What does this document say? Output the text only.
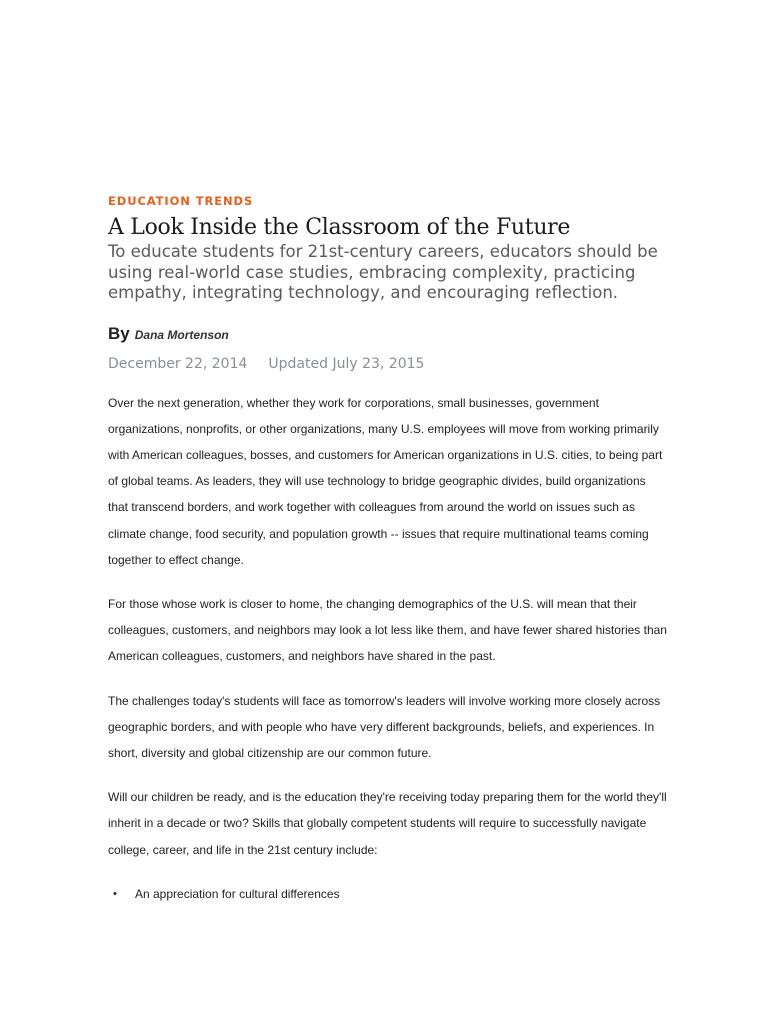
EDUCATION TRENDS
A Look Inside the Classroom of the Future

To educate students for 21st-century careers, educators should be using real-world case studies, embracing complexity, practicing empathy, integrating technology, and encouraging reflection.

By Dana Mortenson
December 22, 2014 Updated July 23, 2015

Over the next generation, whether they work for corporations, small businesses, government organizations, nonprofits, or other organizations, many U.S. employees will move from working primarily with American colleagues, bosses, and customers for American organizations in U.S. cities, to being part of global teams. As leaders, they will use technology to bridge geographic divides, build organizations that transcend borders, and work together with colleagues from around the world on issues such as climate change, food security, and population growth -- issues that require multinational teams coming together to effect change.

For those whose work is closer to home, the changing demographics of the U.S. will mean that their colleagues, customers, and neighbors may look a lot less like them, and have fewer shared histories than American colleagues, customers, and neighbors have shared in the past.

The challenges today's students will face as tomorrow's leaders will involve working more closely across geographic borders, and with people who have very different backgrounds, beliefs, and experiences. In short, diversity and global citizenship are our common future.

Will our children be ready, and is the education they're receiving today preparing them for the world they'll inherit in a decade or two? Skills that globally competent students will require to successfully navigate college, career, and life in the 21st century include:

• An appreciation for cultural differences
